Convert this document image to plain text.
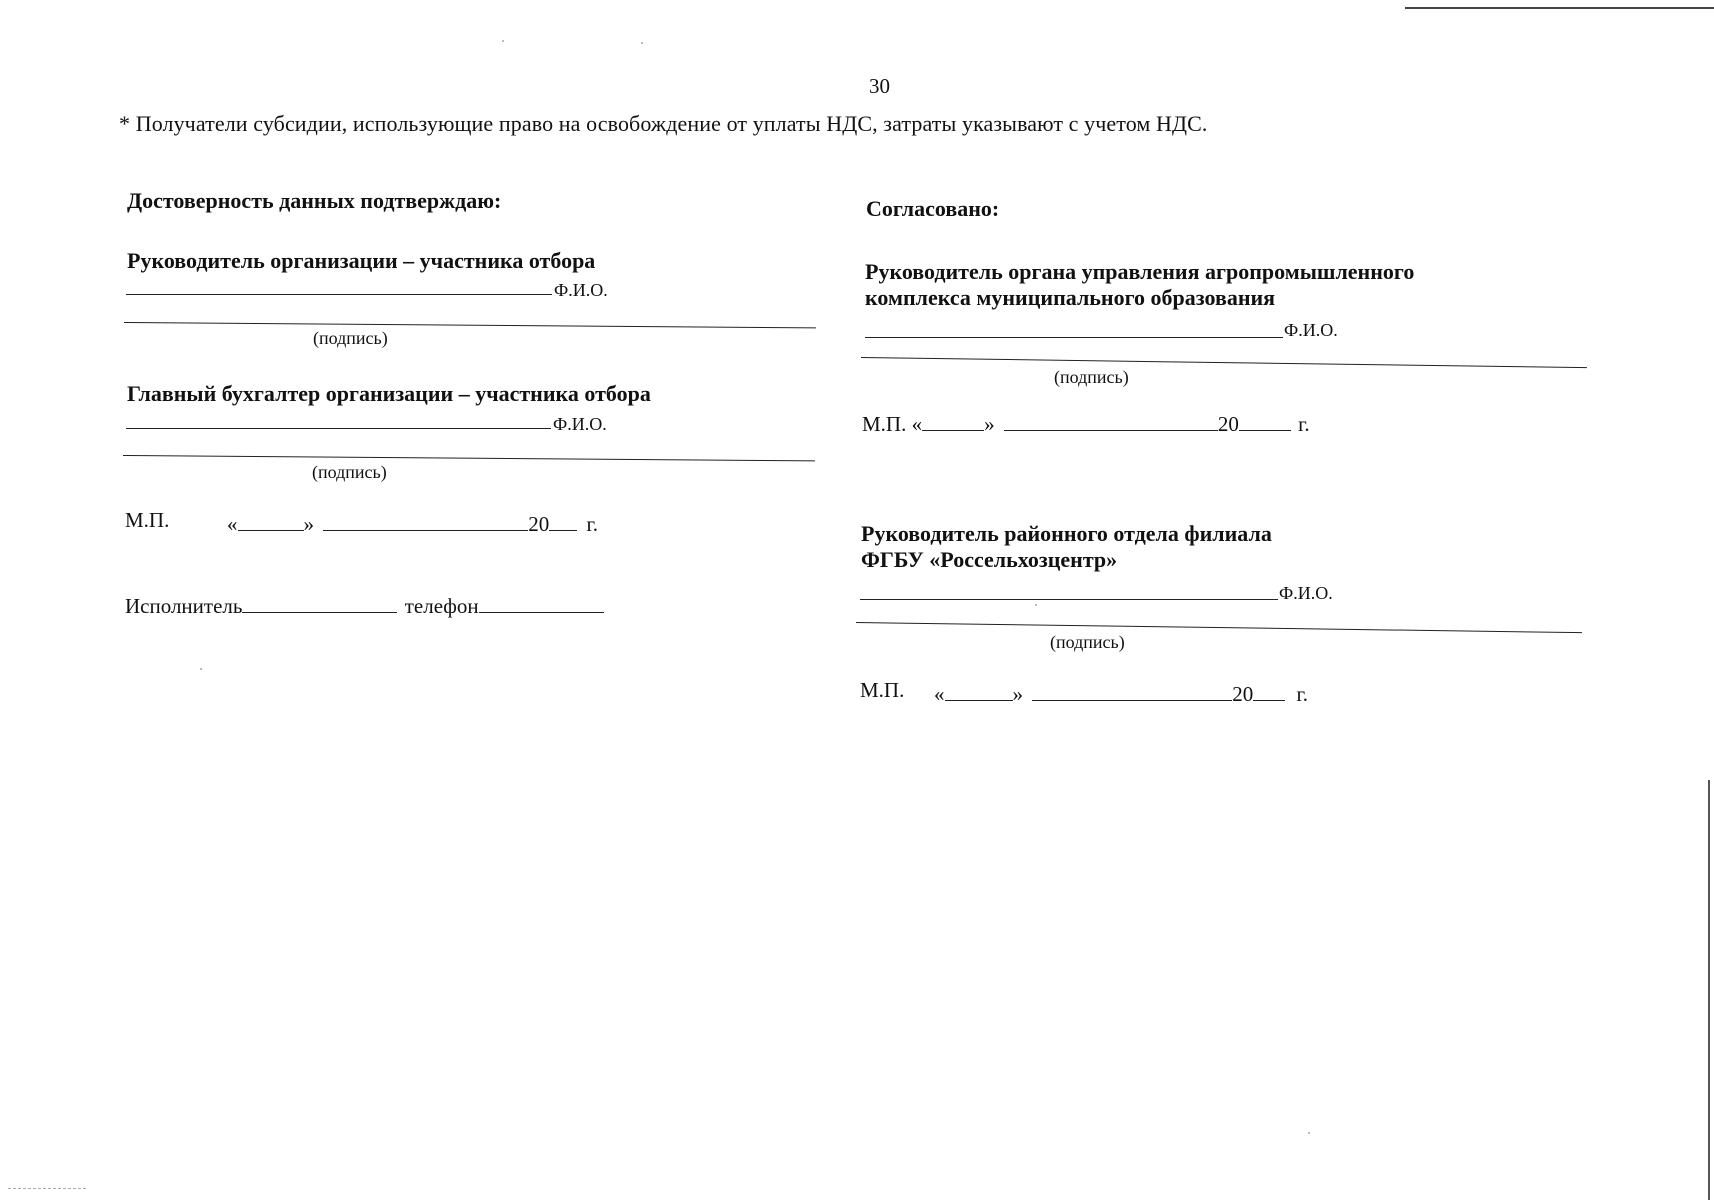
30
* Получатели субсидии, использующие право на освобождение от уплаты НДС, затраты указывают с учетом НДС.
Достоверность данных подтверждаю:
Руководитель организации – участника отбора
Ф.И.О.
(подпись)
Главный бухгалтер организации – участника отбора
Ф.И.О.
(подпись)
М.П.	«	»	20 г.
Исполнитель	телефон
Согласовано:
Руководитель органа управления агропромышленного
комплекса муниципального образования
Ф.И.О.
(подпись)
М.П. «	»	20	г.
Руководитель районного отдела филиала
ФГБУ «Россельхозцентр»
Ф.И.О.
(подпись)
М.П. «	»	20 г.
